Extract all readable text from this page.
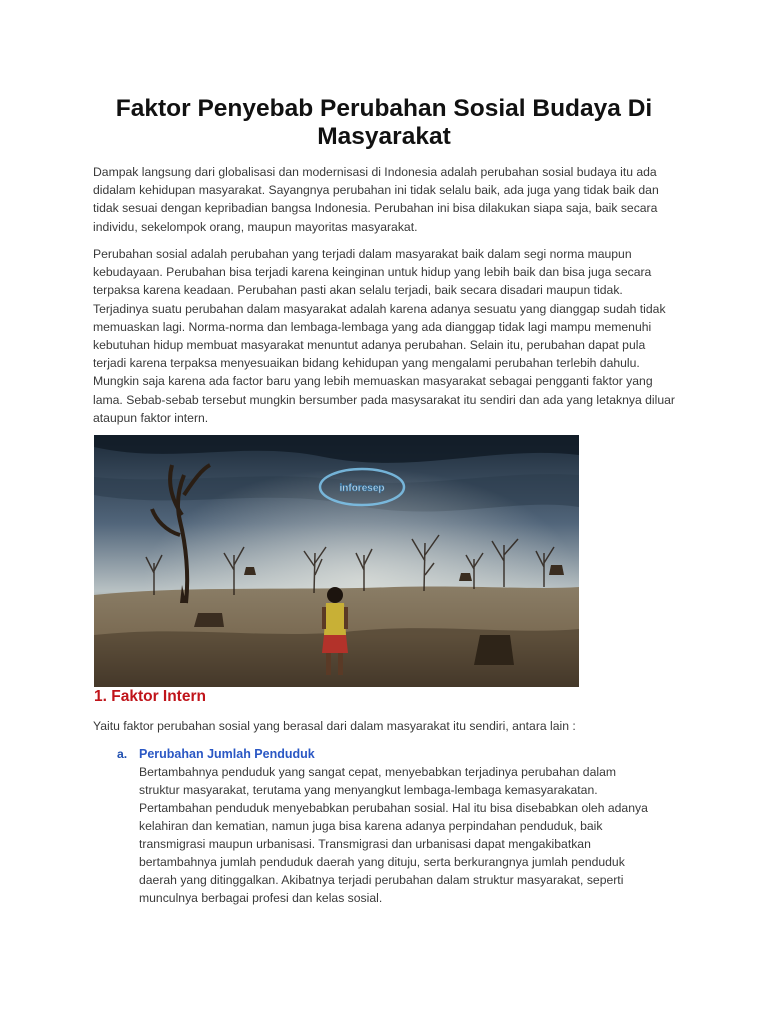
Faktor Penyebab Perubahan Sosial Budaya Di Masyarakat

Dampak langsung dari globalisasi dan modernisasi di Indonesia adalah perubahan sosial budaya itu ada didalam kehidupan masyarakat. Sayangnya perubahan ini tidak selalu baik, ada juga yang tidak baik dan tidak sesuai dengan kepribadian bangsa Indonesia. Perubahan ini bisa dilakukan siapa saja, baik secara individu, sekelompok orang, maupun mayoritas masyarakat.

Perubahan sosial adalah perubahan yang terjadi dalam masyarakat baik dalam segi norma maupun kebudayaan. Perubahan bisa terjadi karena keinginan untuk hidup yang lebih baik dan bisa juga secara terpaksa karena keadaan. Perubahan pasti akan selalu terjadi, baik secara disadari maupun tidak. Terjadinya suatu perubahan dalam masyarakat adalah karena adanya sesuatu yang dianggap sudah tidak memuaskan lagi. Norma-norma dan lembaga-lembaga yang ada dianggap tidak lagi mampu memenuhi kebutuhan hidup membuat masyarakat menuntut adanya perubahan. Selain itu, perubahan dapat pula terjadi karena terpaksa menyesuaikan bidang kehidupan yang mengalami perubahan terlebih dahulu. Mungkin saja karena ada factor baru yang lebih memuaskan masyarakat sebagai pengganti faktor yang lama. Sebab-sebab tersebut mungkin bersumber pada masysarakat itu sendiri dan ada yang letaknya diluar ataupun faktor intern.

inforesep
1. Faktor Intern

Yaitu faktor perubahan sosial yang berasal dari dalam masyarakat itu sendiri, antara lain :

a. Perubahan Jumlah Penduduk

Bertambahnya penduduk yang sangat cepat, menyebabkan terjadinya perubahan dalam struktur masyarakat, terutama yang menyangkut lembaga-lembaga kemasyarakatan. Pertambahan penduduk menyebabkan perubahan sosial. Hal itu bisa disebabkan oleh adanya kelahiran dan kematian, namun juga bisa karena adanya perpindahan penduduk, baik transmigrasi maupun urbanisasi. Transmigrasi dan urbanisasi dapat mengakibatkan bertambahnya jumlah penduduk daerah yang dituju, serta berkurangnya jumlah penduduk daerah yang ditinggalkan. Akibatnya terjadi perubahan dalam struktur masyarakat, seperti munculnya berbagai profesi dan kelas sosial.
